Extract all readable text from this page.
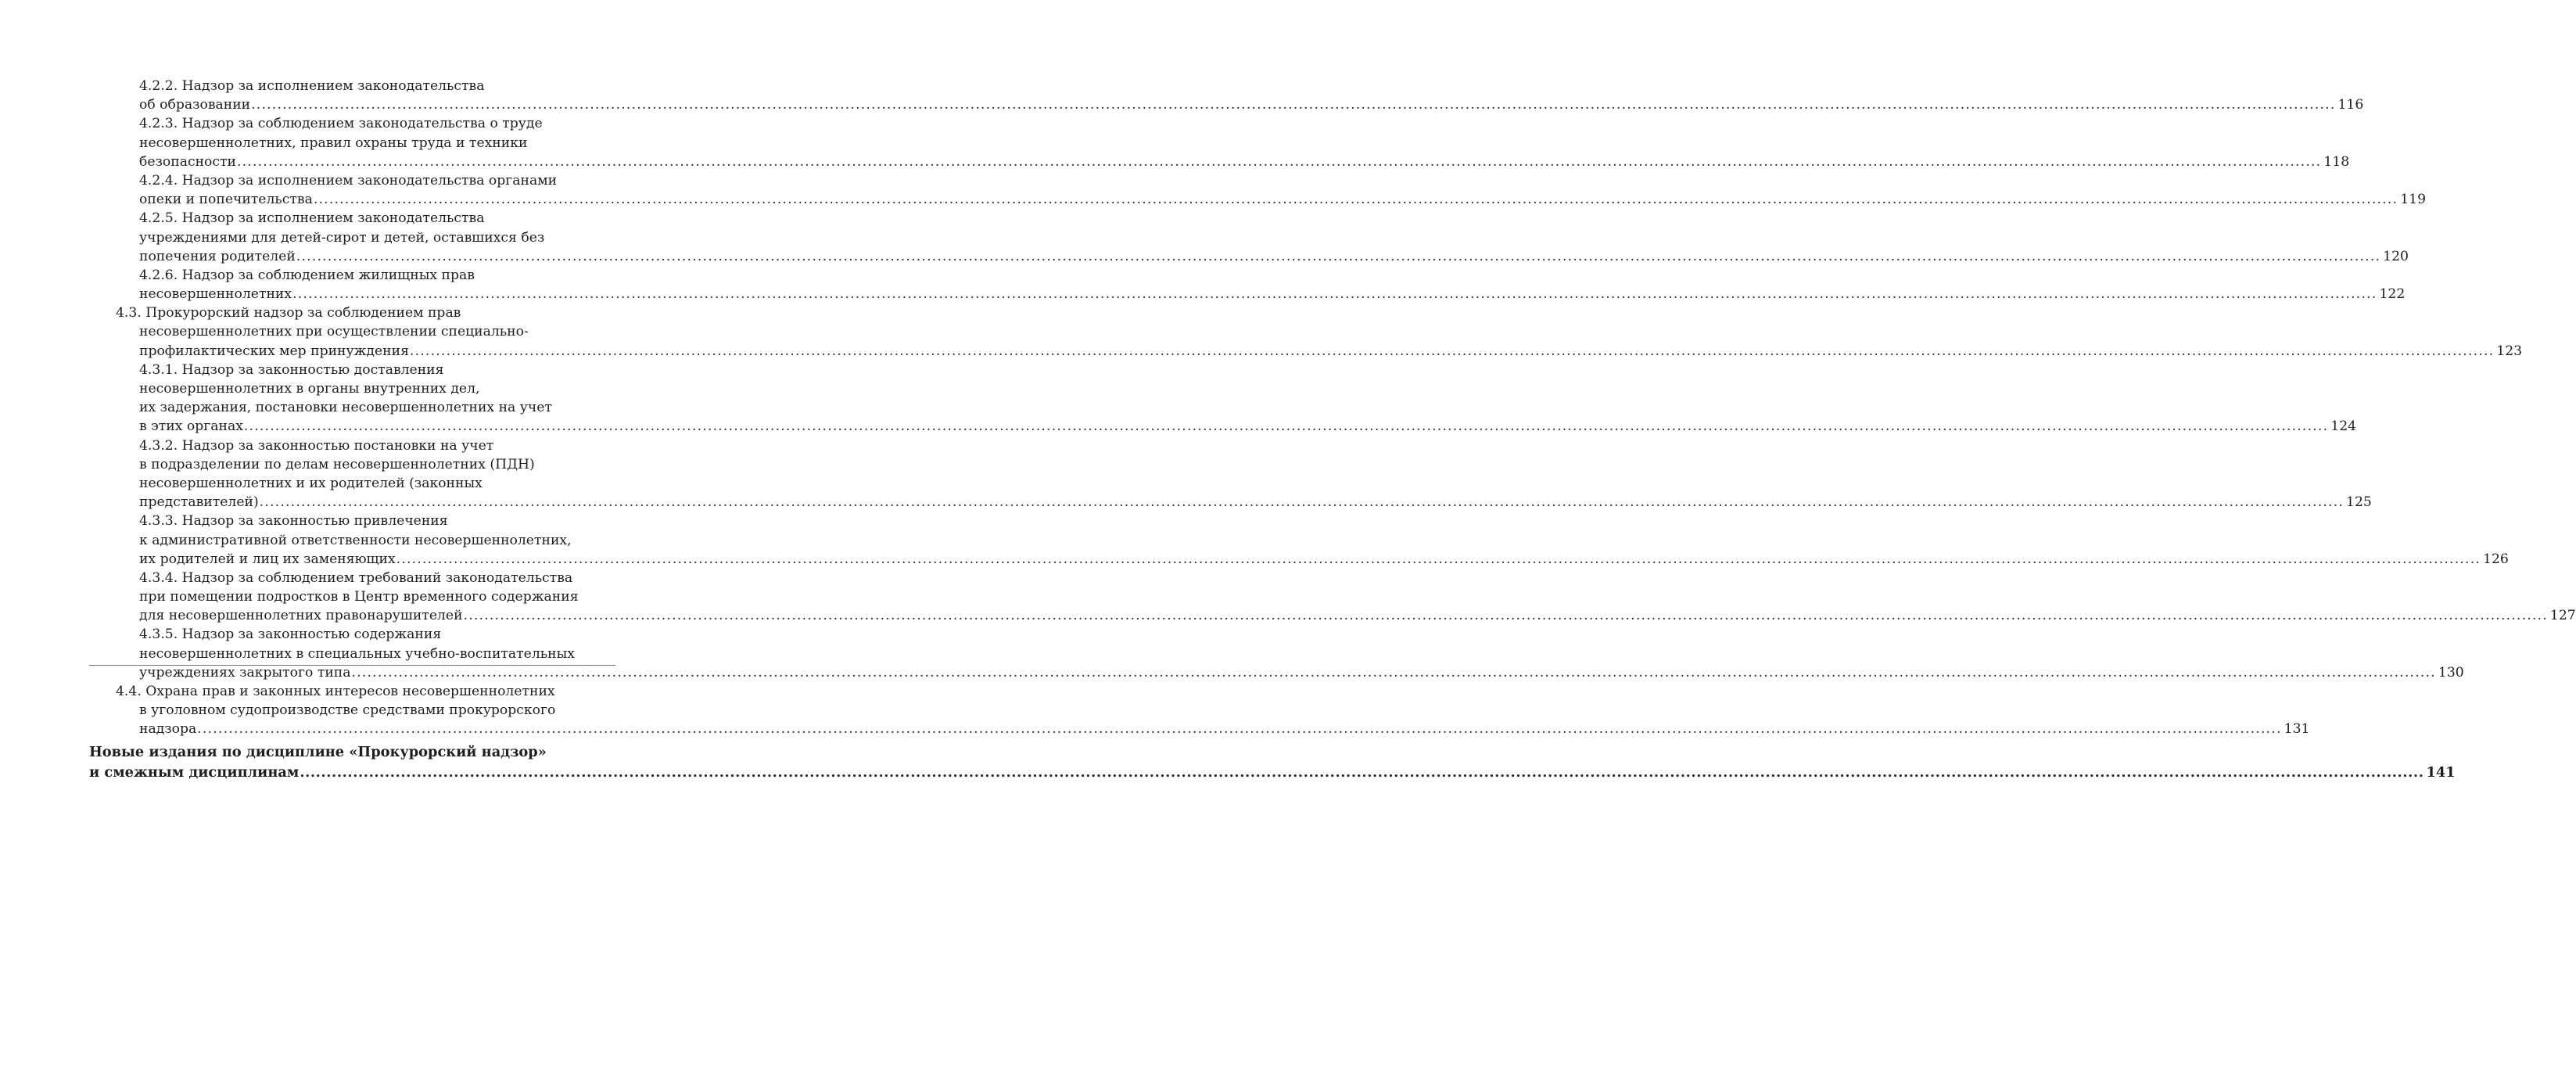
4.2.2. Надзор за исполнением законодательства
об образовании ................................................................................................................................................................................................................................................................................................................................................................................................................ 116
4.2.3. Надзор за соблюдением законодательства о труде
несовершеннолетних, правил охраны труда и техники
безопасности ................................................................................................................................................................................................................................................................................................................................................................................................................ 118
4.2.4. Надзор за исполнением законодательства органами
опеки и попечительства ................................................................................................................................................................................................................................................................................................................................................................................................................ 119
4.2.5. Надзор за исполнением законодательства
учреждениями для детей-сирот и детей, оставшихся без
попечения родителей ................................................................................................................................................................................................................................................................................................................................................................................................................ 120
4.2.6. Надзор за соблюдением жилищных прав
несовершеннолетних ................................................................................................................................................................................................................................................................................................................................................................................................................ 122
4.3. Прокурорский надзор за соблюдением прав
несовершеннолетних при осуществлении специально-
профилактических мер принуждения ................................................................................................................................................................................................................................................................................................................................................................................................................ 123
4.3.1. Надзор за законностью доставления
несовершеннолетних в органы внутренних дел,
их задержания, постановки несовершеннолетних на учет
в этих органах ................................................................................................................................................................................................................................................................................................................................................................................................................ 124
4.3.2. Надзор за законностью постановки на учет
в подразделении по делам несовершеннолетних (ПДН)
несовершеннолетних и их родителей (законных
представителей) ................................................................................................................................................................................................................................................................................................................................................................................................................ 125
4.3.3. Надзор за законностью привлечения
к административной ответственности несовершеннолетних,
их родителей и лиц их заменяющих ................................................................................................................................................................................................................................................................................................................................................................................................................ 126
4.3.4. Надзор за соблюдением требований законодательства
при помещении подростков в Центр временного содержания
для несовершеннолетних правонарушителей ................................................................................................................................................................................................................................................................................................................................................................................................................ 127
4.3.5. Надзор за законностью содержания
несовершеннолетних в специальных учебно-воспитательных
учреждениях закрытого типа ................................................................................................................................................................................................................................................................................................................................................................................................................ 130
4.4. Охрана прав и законных интересов несовершеннолетних
в уголовном судопроизводстве средствами прокурорского
надзора ................................................................................................................................................................................................................................................................................................................................................................................................................ 131
Новые издания по дисциплине «Прокурорский надзор»
и смежным дисциплинам ................................................................................................................................................................................................................................................................................................................................................................................................................ 141
